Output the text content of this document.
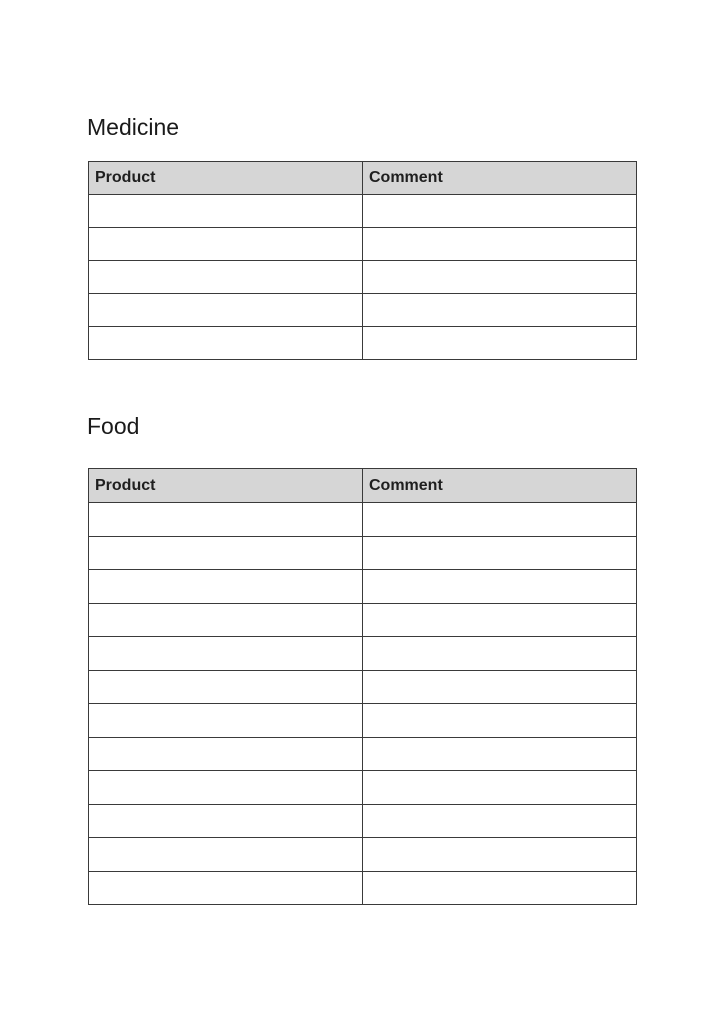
Medicine
Product	Comment

Food
Product	Comment
